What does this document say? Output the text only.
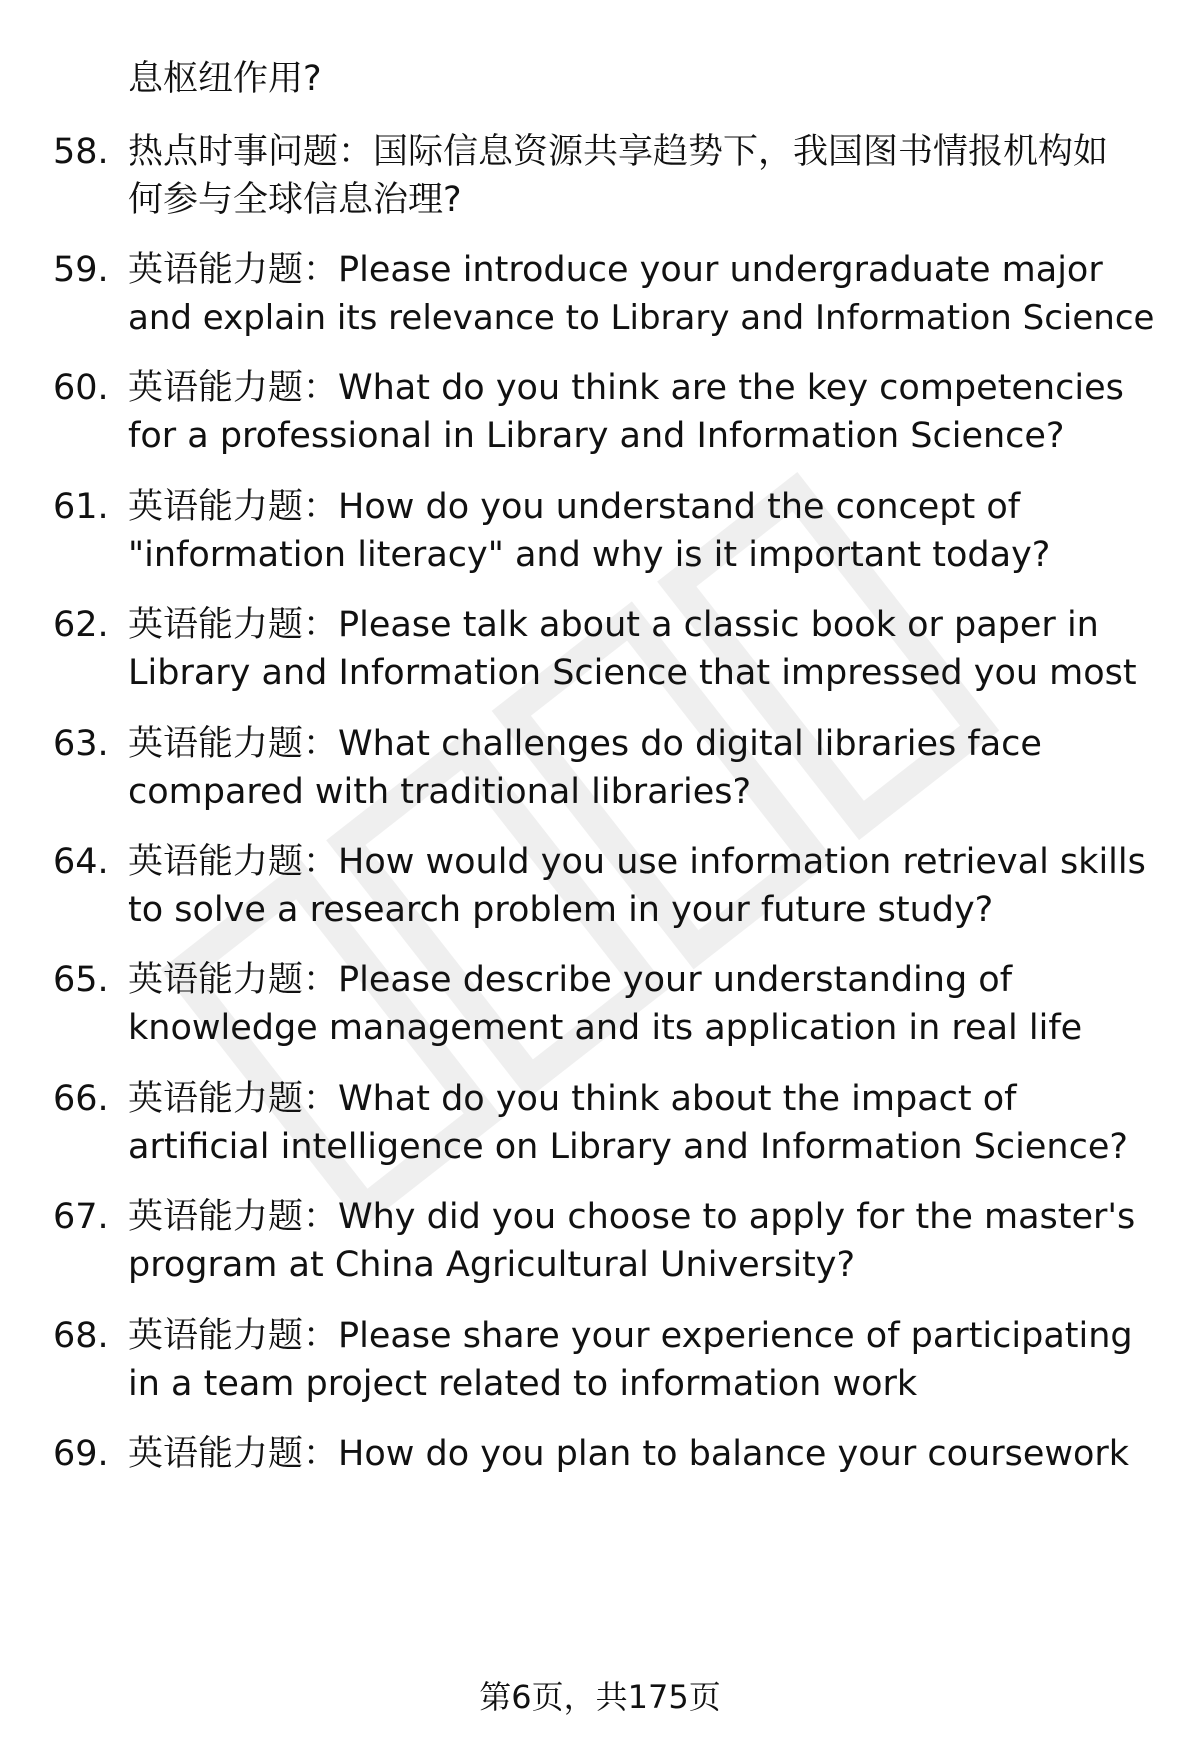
息枢纽作用?
58. 热点时事问题：国际信息资源共享趋势下，我国图书情报机构如
何参与全球信息治理?
59. 英语能力题：Please introduce your undergraduate major
and explain its relevance to Library and Information Science
60. 英语能力题：What do you think are the key competencies
for a professional in Library and Information Science?
61. 英语能力题：How do you understand the concept of
"information literacy" and why is it important today?
62. 英语能力题：Please talk about a classic book or paper in
Library and Information Science that impressed you most
63. 英语能力题：What challenges do digital libraries face
compared with traditional libraries?
64. 英语能力题：How would you use information retrieval skills
to solve a research problem in your future study?
65. 英语能力题：Please describe your understanding of
knowledge management and its application in real life
66. 英语能力题：What do you think about the impact of
artificial intelligence on Library and Information Science?
67. 英语能力题：Why did you choose to apply for the master's
program at China Agricultural University?
68. 英语能力题：Please share your experience of participating
in a team project related to information work
69. 英语能力题：How do you plan to balance your coursework
第6页，共175页
